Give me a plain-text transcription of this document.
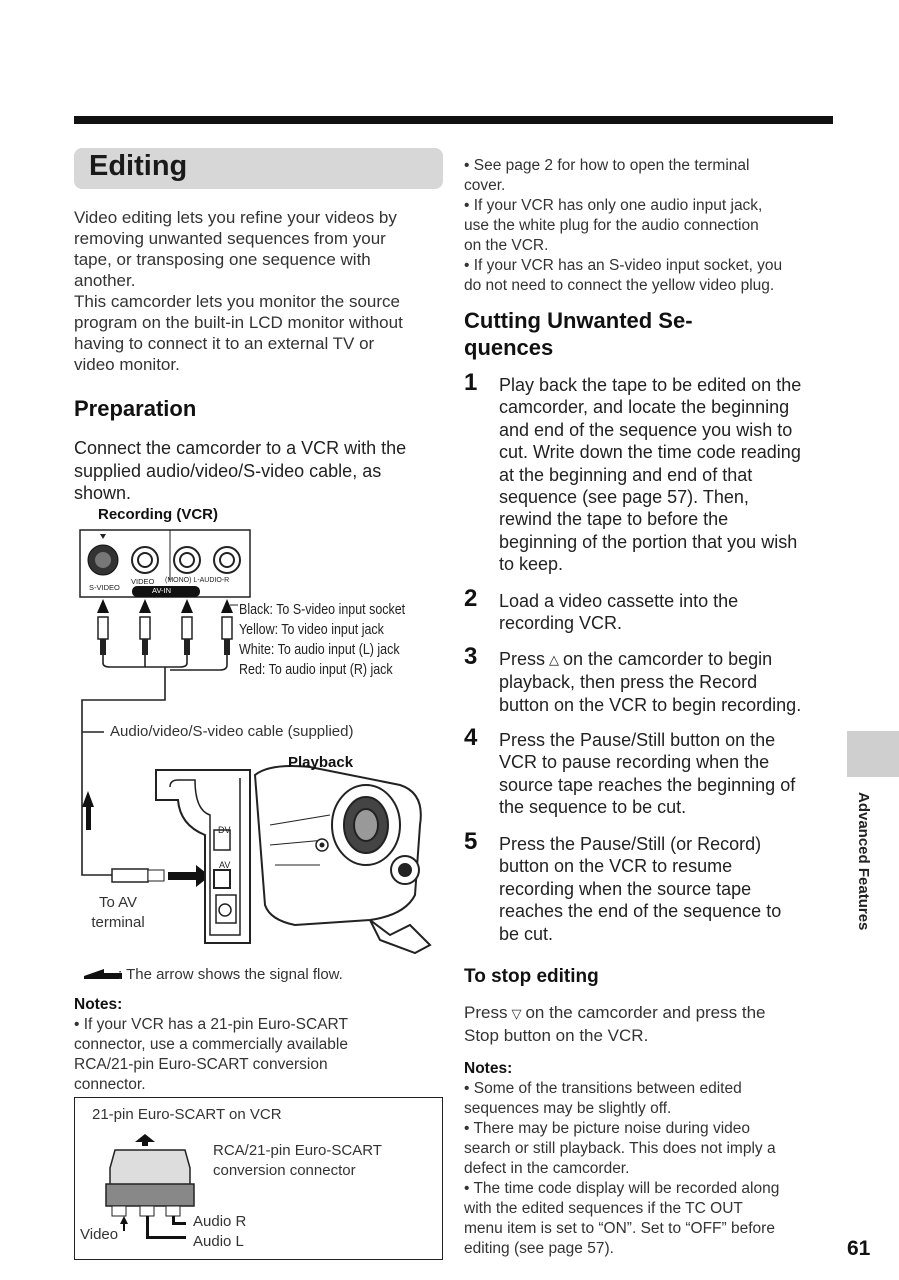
Editing
Video editing lets you refine your videos by
removing unwanted sequences from your
tape, or transposing one sequence with
another.
This camcorder lets you monitor the source
program on the built-in LCD monitor without
having to connect it to an external TV or
video monitor.
Preparation
Connect the camcorder to a VCR with the
supplied audio/video/S-video cable, as
shown.
Recording (VCR)
S-VIDEO
VIDEO (MONO) L-AUDIO-R
AV-IN
Black: To S-video input socket
Yellow: To video input jack
White: To audio input (L) jack
Red: To audio input (R) jack
Audio/video/S-video cable (supplied)
Playback
DV
AV
To AV
terminal
: The arrow shows the signal flow.
Notes:
• If your VCR has a 21-pin Euro-SCART
connector, use a commercially available
RCA/21-pin Euro-SCART conversion
connector.
21-pin Euro-SCART on VCR
RCA/21-pin Euro-SCART
conversion connector
Video
Audio R
Audio L
• See page 2 for how to open the terminal
cover.
• If your VCR has only one audio input jack,
use the white plug for the audio connection
on the VCR.
• If your VCR has an S-video input socket, you
do not need to connect the yellow video plug.
Cutting Unwanted Se-
quences
1 Play back the tape to be edited on the
camcorder, and locate the beginning
and end of the sequence you wish to
cut. Write down the time code reading
at the beginning and end of that
sequence (see page 57). Then,
rewind the tape to before the
beginning of the portion that you wish
to keep.
2 Load a video cassette into the
recording VCR.
3 Press △ on the camcorder to begin
playback, then press the Record
button on the VCR to begin recording.
4 Press the Pause/Still button on the
VCR to pause recording when the
source tape reaches the beginning of
the sequence to be cut.
5 Press the Pause/Still (or Record)
button on the VCR to resume
recording when the source tape
reaches the end of the sequence to
be cut.
To stop editing
Press ▽ on the camcorder and press the
Stop button on the VCR.
Notes:
• Some of the transitions between edited
sequences may be slightly off.
• There may be picture noise during video
search or still playback. This does not imply a
defect in the camcorder.
• The time code display will be recorded along
with the edited sequences if the TC OUT
menu item is set to “ON”. Set to “OFF” before
editing (see page 57).
Advanced Features
61
